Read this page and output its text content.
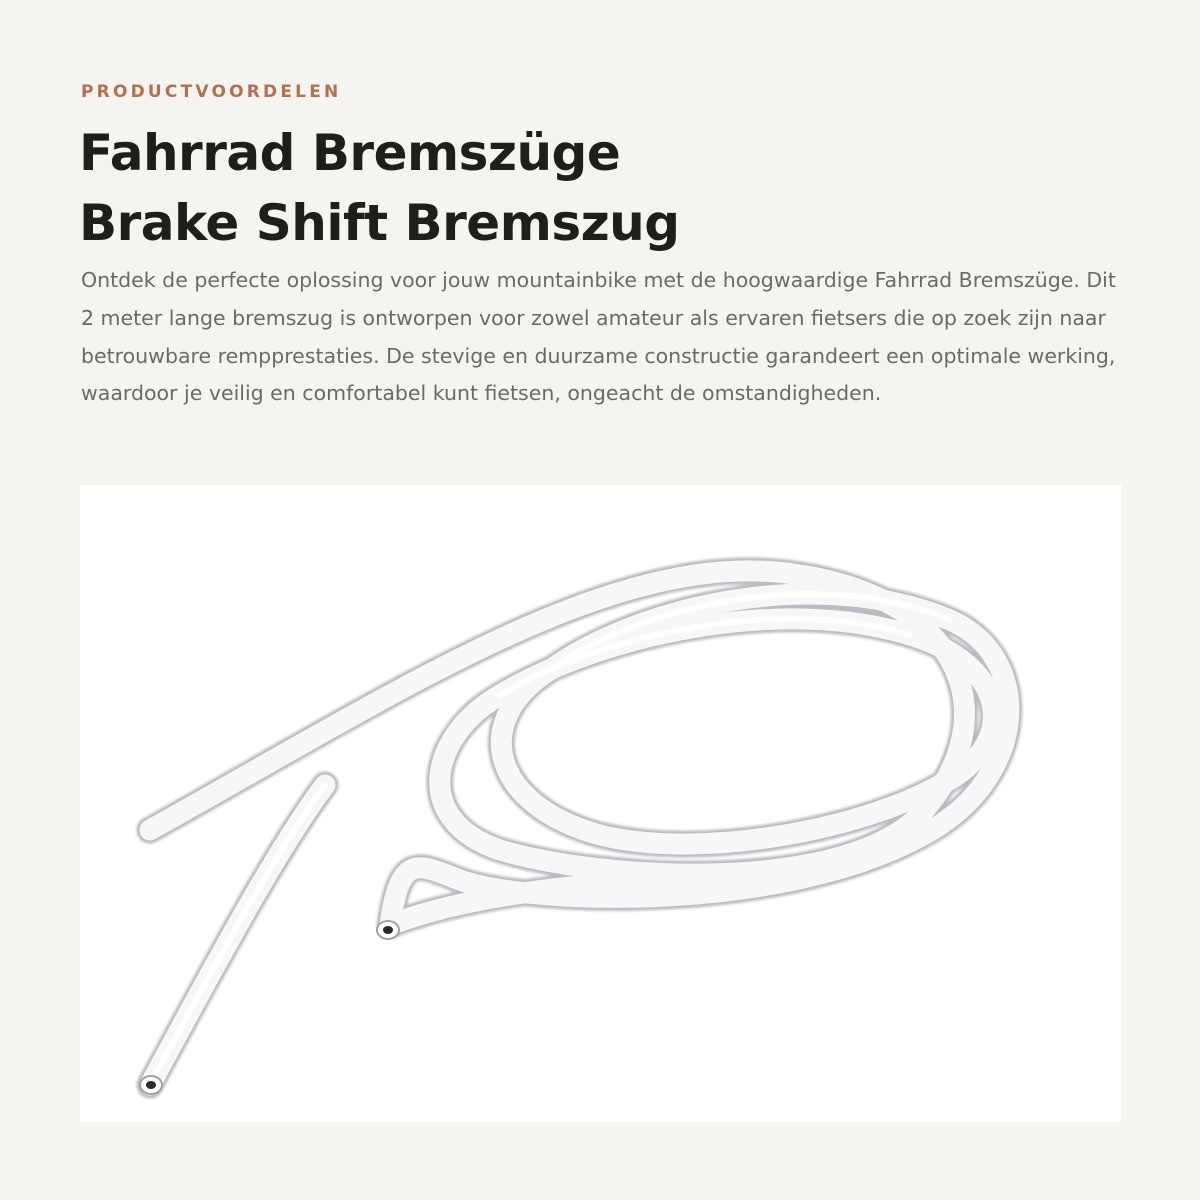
PRODUCTVOORDELEN

Fahrrad Bremszüge
Brake Shift Bremszug

Ontdek de perfecte oplossing voor jouw mountainbike met de hoogwaardige Fahrrad Bremszüge. Dit 2 meter lange bremszug is ontworpen voor zowel amateur als ervaren fietsers die op zoek zijn naar betrouwbare rempprestaties. De stevige en duurzame constructie garandeert een optimale werking, waardoor je veilig en comfortabel kunt fietsen, ongeacht de omstandigheden.
